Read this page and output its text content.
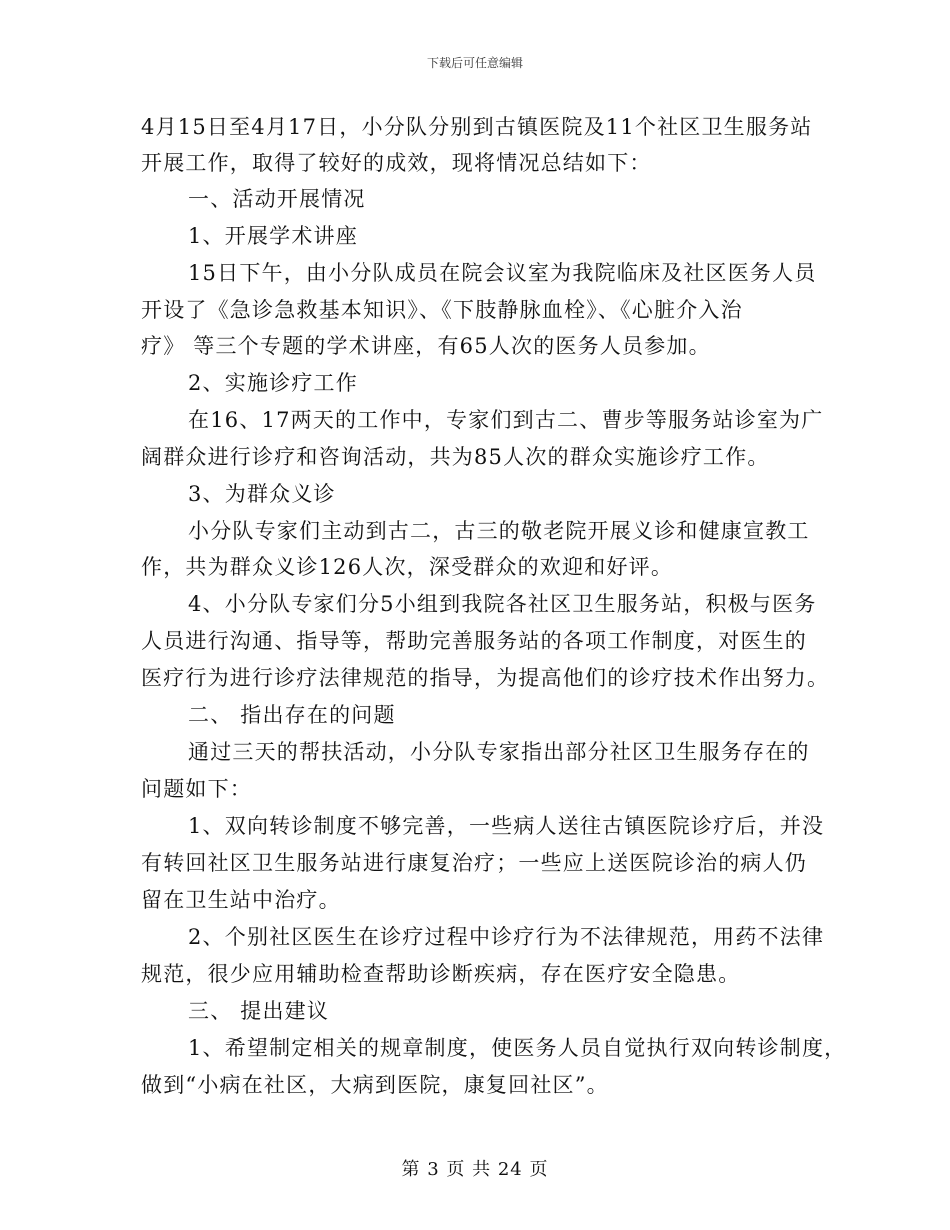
下载后可任意编辑
4月15日至4月17日，小分队分别到古镇医院及11个社区卫生服务站
开展工作，取得了较好的成效，现将情况总结如下：
一、活动开展情况
1、开展学术讲座
15日下午，由小分队成员在院会议室为我院临床及社区医务人员
开设了《急诊急救基本知识》、《下肢静脉血栓》、《心脏介入治
疗》 等三个专题的学术讲座，有65人次的医务人员参加。
2、实施诊疗工作
在16、17两天的工作中，专家们到古二、曹步等服务站诊室为广
阔群众进行诊疗和咨询活动，共为85人次的群众实施诊疗工作。
3、为群众义诊
小分队专家们主动到古二，古三的敬老院开展义诊和健康宣教工
作，共为群众义诊126人次，深受群众的欢迎和好评。
4、小分队专家们分5小组到我院各社区卫生服务站，积极与医务
人员进行沟通、指导等，帮助完善服务站的各项工作制度，对医生的
医疗行为进行诊疗法律规范的指导，为提高他们的诊疗技术作出努力。
二、 指出存在的问题
通过三天的帮扶活动，小分队专家指出部分社区卫生服务存在的
问题如下：
1、双向转诊制度不够完善，一些病人送往古镇医院诊疗后，并没
有转回社区卫生服务站进行康复治疗；一些应上送医院诊治的病人仍
留在卫生站中治疗。
2、个别社区医生在诊疗过程中诊疗行为不法律规范，用药不法律
规范，很少应用辅助检查帮助诊断疾病，存在医疗安全隐患。
三、 提出建议
1、希望制定相关的规章制度，使医务人员自觉执行双向转诊制度，
做到“小病在社区，大病到医院，康复回社区”。
第 3 页 共 24 页
